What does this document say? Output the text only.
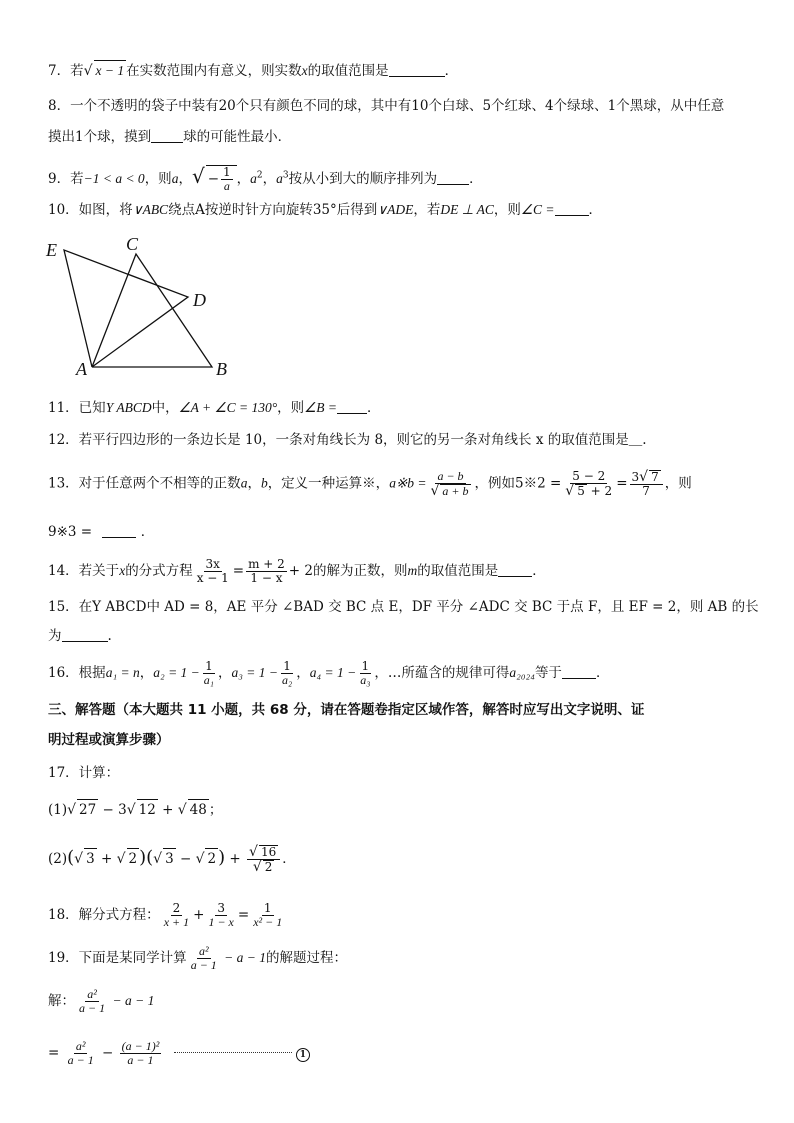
7．若√ x − 1 在实数范围内有意义，则实数x的取值范围是	．
8．一个不透明的袋子中装有20个只有颜色不同的球，其中有10个白球、5个红球、4个绿球、1个黑球，从中任意
摸出1个球，摸到 球的可能性最小．
9．若−1 < a < 0，则a，√ − $\frac{1}{a}$ ，$a^2$，$a^3$按从小到大的顺序排列为 ．
10．如图，将∨ABC绕点A按逆时针方向旋转35°后得到∨ADE，若DE ⊥ AC，则∠C =	．
E	C
D
A	B
11．已知Y ABCD中，∠A + ∠C = 130°，则∠B = ．
12．若平行四边形的一条边长是 10，一条对角线长为 8，则它的另一条对角线长 x 的取值范围是＿.
13．对于任意两个不相等的正数a，b，定义一种运算※，a※b = $\frac{a - b}{√ a + b}$ ，例如5※2 = $\frac{5 - 2}{√ 5 + 2} = \frac{3√ 7}{7}$ ，则
9※3 =	．
14．若关于x的分式方程 $\frac{3x}{x - 1} = \frac{m + 2}{1 - x} + 2$的解为正数，则m的取值范围是	．
15．在Y ABCD中 AD = 8，AE 平分 ∠BAD 交 BC 点 E，DF 平分 ∠ADC 交 BC 于点 F，且 EF = 2，则 AB 的长
为	.
16．根据a₁ = n，$a_2 = 1 - \frac{1}{\text{a₁}}$ ，$a_3 = 1 - \frac{1}{\text{a₂}}$ ，$a_4 = 1 - \frac{1}{\text{a₃}}$ ，…所蕴含的规律可得a₂₀₂₄等于	．
三、解答题（本大题共 11 小题，共 68 分，请在答题卷指定区域作答，解答时应写出文字说明、证
明过程或演算步骤）
17．计算：
(1)√ 27 − 3√ 12 + √ 48 ；
(2)(√ 3 + √ 2 )(√ 3 − √ 2 ) + $\frac{√ 16}{√ 2}$ ．
18．解分式方程： $\frac{2}{x + 1} + \frac{3}{1 - x} = \frac{1}{\text{x² − 1}}$
19．下面是某同学计算 $\frac{\text{a²}}{a - 1} - a - 1$的解题过程：
解： $\frac{\text{a²}}{a - 1} - a - 1$
= $\frac{\text{a²}}{a - 1} - \frac{\text{(a − 1)²}}{a - 1}$	1
